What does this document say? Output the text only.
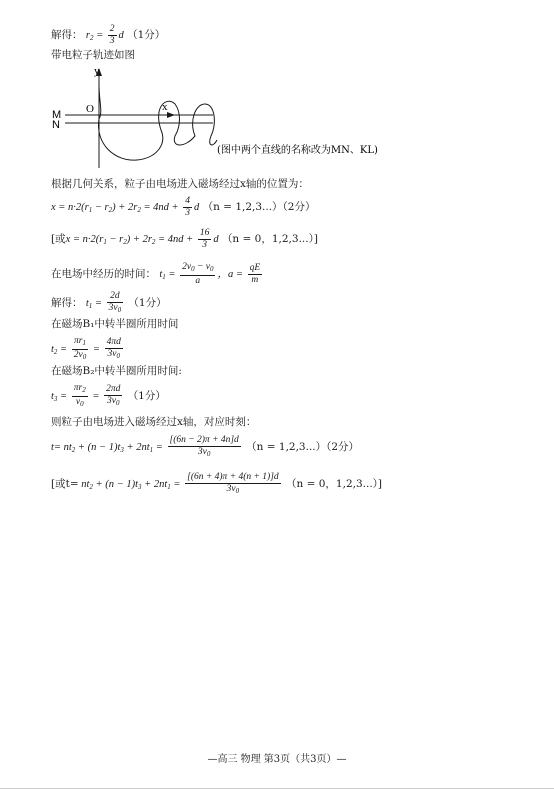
解得： $r_2 = \frac{2}{3}$ d （1分）
带电粒子轨迹如图
y
O	x
M
N
(图中两个直线的名称改为MN、KL)
根据几何关系，粒子由电场进入磁场经过x轴的位置为：
$x = n\cdot 2(r_1 - r_2) + 2r_2 = 4nd + \frac{4}{3}$ d （n = 1,2,3...）（2分）
[或$x = n\cdot 2(r_1 - r_2) + 2r_2 = 4nd + \frac{16}{3}$ d （n = 0，1,2,3...）]
在电场中经历的时间： $t_1 = \frac{2v_0 - v_0}{a}$ ，$a = \frac{qE}{m}$
解得： $t_1 = \frac{2d}{3v_0} (1$分）
在磁场B₁中转半圈所用时间
$t_2 = \frac{\pi r_1}{2v_0} = \frac{4\pi d}{3v_0}$
在磁场B₂中转半圈所用时间:
$t_3 = \frac{\pi r_2}{v_0} = \frac{2\pi d}{3v_0} (1$分）
则粒子由电场进入磁场经过x轴，对应时刻：
$t= nt_2 + (n - 1)t_3 + 2nt_1 = \frac{[(6n - 2)\pi + 4n]d}{3v_0} (n = 1,2,3...)(2$分）
[或$t= nt_2 + (n - 1)t_3 + 2nt_1 = \frac{[(6n + 4)\pi + 4(n + 1)]d}{3v_0} (n = 0$，1,2,3...）]
—高三 物理 第3页（共3页）—
